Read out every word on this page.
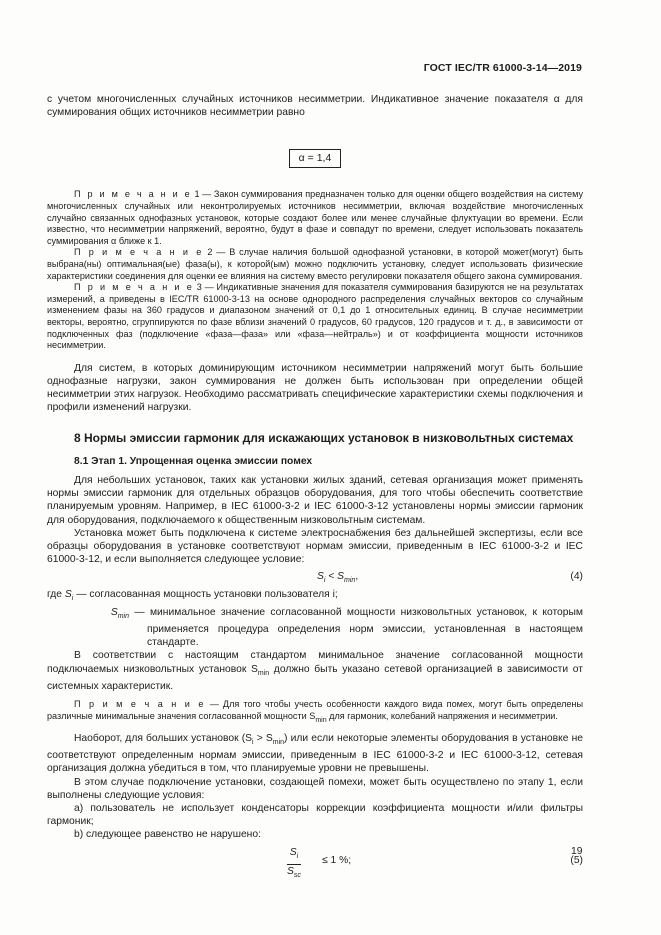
ГОСТ IEC/TR 61000-3-14—2019

с учетом многочисленных случайных источников несимметрии. Индикативное значение показателя α для суммирования общих источников несимметрии равно

α = 1,4

П р и м е ч а н и е 1 — Закон суммирования предназначен только для оценки общего воздействия на систему многочисленных случайных или неконтролируемых источников несимметрии, включая воздействие многочисленных случайно связанных однофазных установок, которые создают более или менее случайные флуктуации во времени. Если известно, что несимметрии напряжений, вероятно, будут в фазе и совпадут по времени, следует использовать показатель суммирования α ближе к 1.

П р и м е ч а н и е 2 — В случае наличия большой однофазной установки, в которой может(могут) быть выбрана(ны) оптимальная(ые) фаза(ы), к которой(ым) можно подключить установку, следует использовать физические характеристики соединения для оценки ее влияния на систему вместо регулировки показателя общего закона суммирования.

П р и м е ч а н и е 3 — Индикативные значения для показателя суммирования базируются не на результатах измерений, а приведены в IEC/TR 61000-3-13 на основе однородного распределения случайных векторов со случайным изменением фазы на 360 градусов и диапазоном значений от 0,1 до 1 относительных единиц. В случае несимметрии векторы, вероятно, сгруппируются по фазе вблизи значений 0 градусов, 60 градусов, 120 градусов и т. д., в зависимости от подключенных фаз (подключение «фаза—фаза» или «фаза—нейтраль») и от коэффициента мощности источников несимметрии.

Для систем, в которых доминирующим источником несимметрии напряжений могут быть большие однофазные нагрузки, закон суммирования не должен быть использован при определении общей несимметрии этих нагрузок. Необходимо рассматривать специфические характеристики схемы подключения и профили изменений нагрузки.

8 Нормы эмиссии гармоник для искажающих установок в низковольтных системах
8.1 Этап 1. Упрощенная оценка эмиссии помех

Для небольших установок, таких как установки жилых зданий, сетевая организация может применять нормы эмиссии гармоник для отдельных образцов оборудования, для того чтобы обеспечить соответствие планируемым уровням. Например, в IEC 61000-3-2 и IEC 61000-3-12 установлены нормы эмиссии гармоник для оборудования, подключаемого к общественным низковольтным системам.

Установка может быть подключена к системе электроснабжения без дальнейшей экспертизы, если все образцы оборудования в установке соответствуют нормам эмиссии, приведенным в IEC 61000-3-2 и IEC 61000-3-12, и если выполняется следующее условие:

$S_i < S_{min}$,	(4)

где $S_i$ — согласованная мощность установки пользователя i;

$S_{min}$ — минимальное значение согласованной мощности низковольтных установок, к которым применяется процедура определения норм эмиссии, установленная в настоящем стандарте.

В соответствии с настоящим стандартом минимальное значение согласованной мощности подключаемых низковольтных установок $S_{min}$ должно быть указано сетевой организацией в зависимости от системных характеристик.

П р и м е ч а н и е — Для того чтобы учесть особенности каждого вида помех, могут быть определены различные минимальные значения согласованной мощности $S_{min}$ для гармоник, колебаний напряжения и несимметрии.

Наоборот, для больших установок $(S_i > S_{min})$ или если некоторые элементы оборудования в установке не соответствуют определенным нормам эмиссии, приведенным в IEC 61000-3-2 и IEC 61000-3-12, сетевая организация должна убедиться в том, что планируемые уровни не превышены.

В этом случае подключение установки, создающей помехи, может быть осуществлено по этапу 1, если выполнены следующие условия:

a) пользователь не использует конденсаторы коррекции коэффициента мощности и/или фильтры гармоник;

b) следующее равенство не нарушено:

$S_i$
$S_{sc}$
≤ 1 %;	(5)
19
